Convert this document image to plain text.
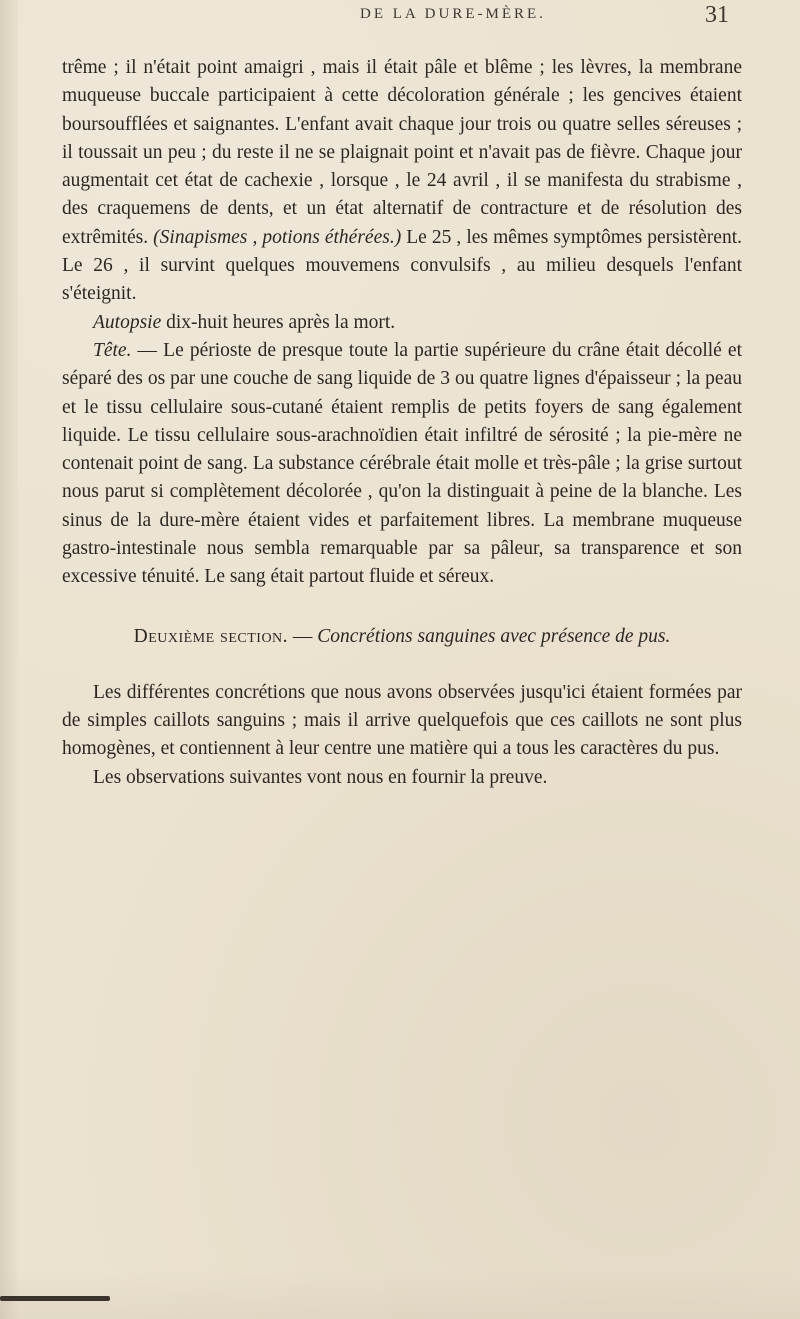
DE LA DURE-MÈRE.	31

trême ; il n'était point amaigri , mais il était pâle et blême ; les lèvres, la membrane muqueuse buccale participaient à cette décoloration générale ; les gencives étaient boursoufflées et saignantes. L'enfant avait chaque jour trois ou quatre selles séreuses ; il toussait un peu ; du reste il ne se plaignait point et n'avait pas de fièvre. Chaque jour augmentait cet état de cachexie , lorsque , le 24 avril , il se manifesta du strabisme , des craquemens de dents, et un état alternatif de contracture et de résolution des extrêmités. (Sinapismes , potions éthérées.) Le 25 , les mêmes symptômes persistèrent. Le 26 , il survint quelques mouvemens convulsifs , au milieu desquels l'enfant s'éteignit.

Autopsie dix-huit heures après la mort.

Tête. — Le périoste de presque toute la partie supérieure du crâne était décollé et séparé des os par une couche de sang liquide de 3 ou quatre lignes d'épaisseur ; la peau et le tissu cellulaire sous-cutané étaient remplis de petits foyers de sang également liquide. Le tissu cellulaire sous-arachnoïdien était infiltré de sérosité ; la pie-mère ne contenait point de sang. La substance cérébrale était molle et très-pâle ; la grise surtout nous parut si complètement décolorée , qu'on la distinguait à peine de la blanche. Les sinus de la dure-mère étaient vides et parfaitement libres. La membrane muqueuse gastro-intestinale nous sembla remarquable par sa pâleur, sa transparence et son excessive ténuité. Le sang était partout fluide et séreux.

Deuxième section. — Concrétions sanguines avec présence de pus.

Les différentes concrétions que nous avons observées jusqu'ici étaient formées par de simples caillots sanguins ; mais il arrive quelquefois que ces caillots ne sont plus homogènes, et contiennent à leur centre une matière qui a tous les caractères du pus.

Les observations suivantes vont nous en fournir la preuve.
